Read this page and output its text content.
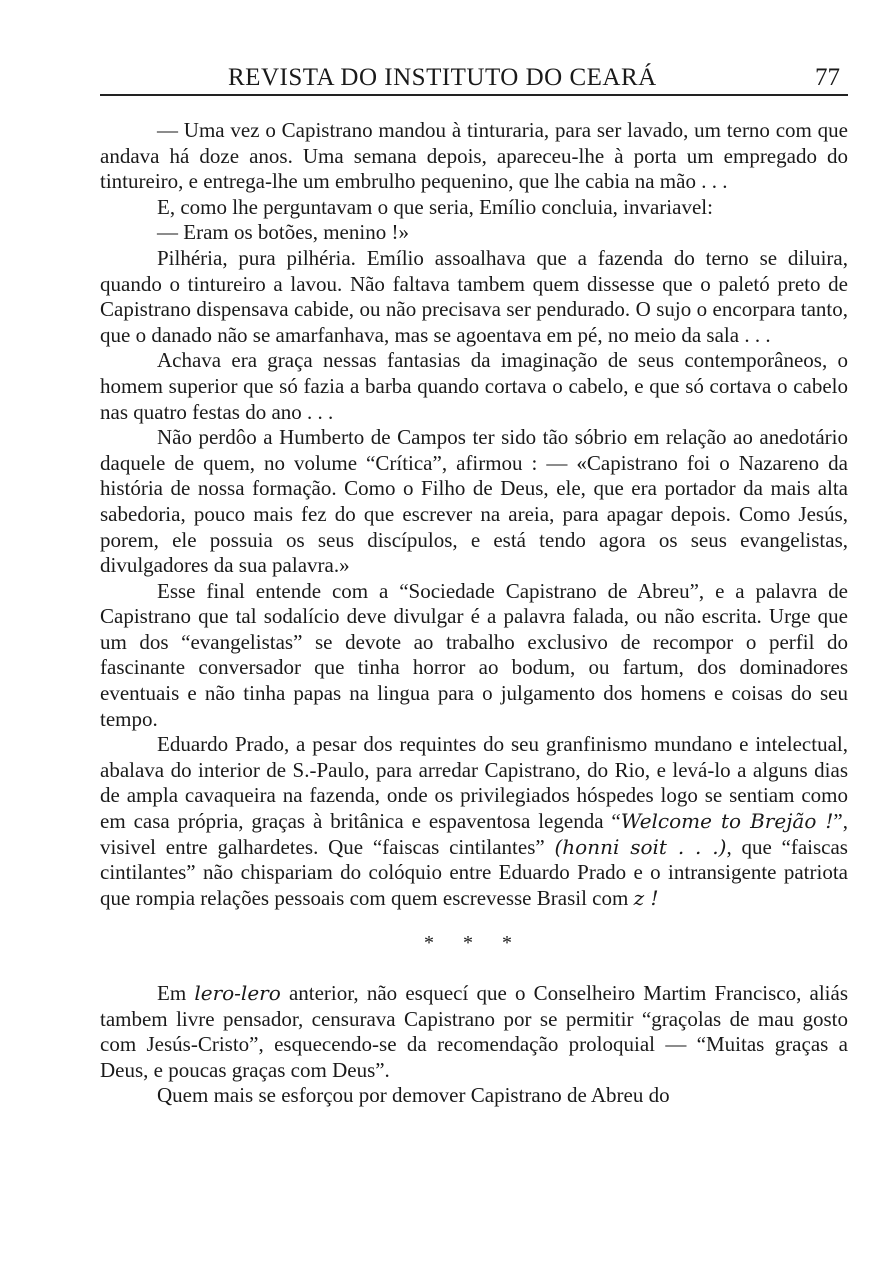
REVISTA DO INSTITUTO DO CEARÁ	77

— Uma vez o Capistrano mandou à tinturaria, para ser lavado, um terno com que andava há doze anos. Uma semana depois, apareceu-lhe à porta um empregado do tintureiro, e entrega-lhe um embrulho pequenino, que lhe cabia na mão . . .

E, como lhe perguntavam o que seria, Emílio concluia, invariavel:

— Eram os botões, menino !»

Pilhéria, pura pilhéria. Emílio assoalhava que a fazenda do terno se diluira, quando o tintureiro a lavou. Não faltava tambem quem dissesse que o paletó preto de Capistrano dispensava cabide, ou não precisava ser pendurado. O sujo o encorpara tanto, que o danado não se amarfanhava, mas se agoentava em pé, no meio da sala . . .

Achava era graça nessas fantasias da imaginação de seus contemporâneos, o homem superior que só fazia a barba quando cortava o cabelo, e que só cortava o cabelo nas quatro festas do ano . . .

Não perdôo a Humberto de Campos ter sido tão sóbrio em relação ao anedotário daquele de quem, no volume “Crítica”, afirmou : — «Capistrano foi o Nazareno da história de nossa formação. Como o Filho de Deus, ele, que era portador da mais alta sabedoria, pouco mais fez do que escrever na areia, para apagar depois. Como Jesús, porem, ele possuia os seus discípulos, e está tendo agora os seus evangelistas, divulgadores da sua palavra.»

Esse final entende com a “Sociedade Capistrano de Abreu”, e a palavra de Capistrano que tal sodalício deve divulgar é a palavra falada, ou não escrita. Urge que um dos “evangelistas” se devote ao trabalho exclusivo de recompor o perfil do fascinante conversador que tinha horror ao bodum, ou fartum, dos dominadores eventuais e não tinha papas na lingua para o julgamento dos homens e coisas do seu tempo.

Eduardo Prado, a pesar dos requintes do seu granfinismo mundano e intelectual, abalava do interior de S.-Paulo, para arredar Capistrano, do Rio, e levá-lo a alguns dias de ampla cavaqueira na fazenda, onde os privilegiados hóspedes logo se sentiam como em casa própria, graças à britânica e espaventosa legenda “Welcome to Brejão !”, visivel entre galhardetes. Que “faiscas cintilantes” (honni soit . . .), que “faiscas cintilantes” não chispariam do colóquio entre Eduardo Prado e o intransigente patriota que rompia relações pessoais com quem escrevesse Brasil com z !

* * *

Em lero-lero anterior, não esquecí que o Conselheiro Martim Francisco, aliás tambem livre pensador, censurava Capistrano por se permitir “graçolas de mau gosto com Jesús-Cristo”, esquecendo-se da recomendação proloquial — “Muitas graças a Deus, e poucas graças com Deus”.

Quem mais se esforçou por demover Capistrano de Abreu do
